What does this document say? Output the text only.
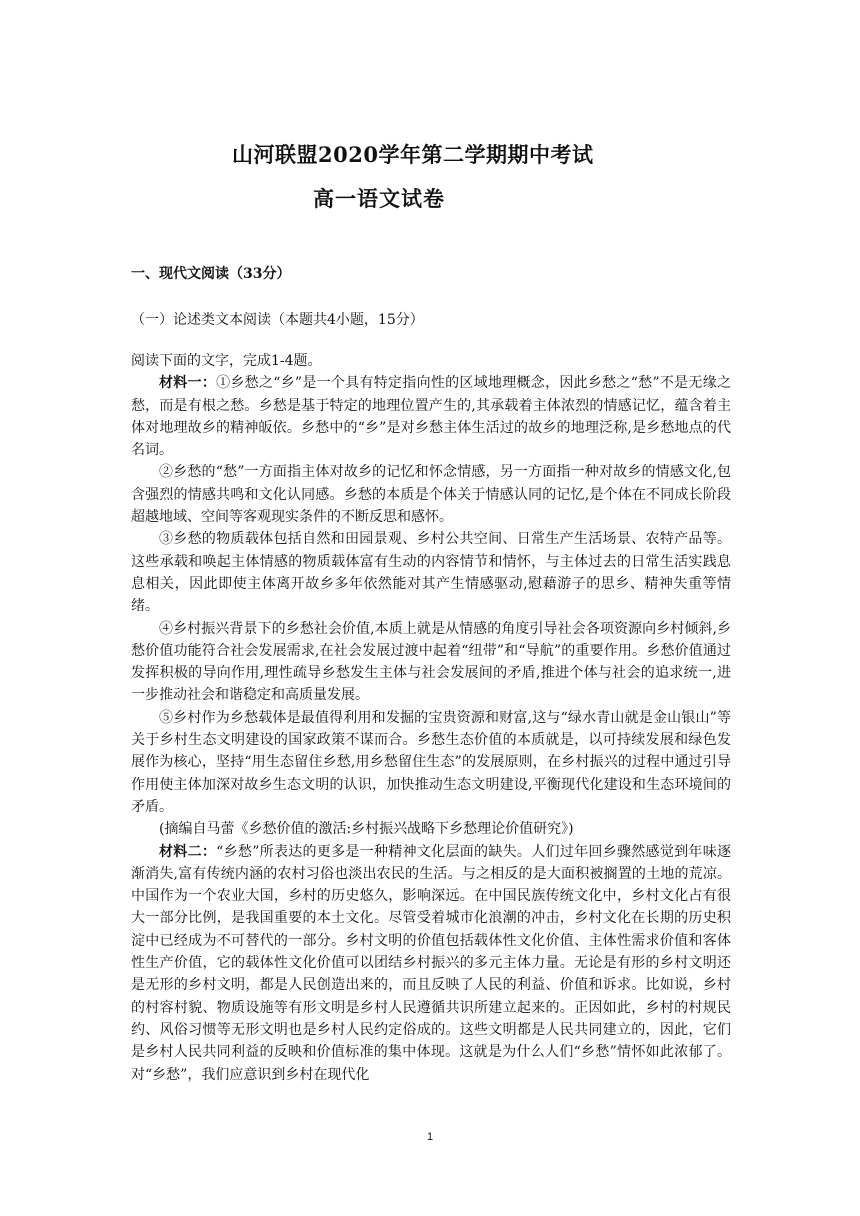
山河联盟2020学年第二学期期中考试
高一语文试卷
一、现代文阅读（33分）
（一）论述类文本阅读（本题共4小题，15分）

阅读下面的文字，完成1-4题。

材料一：①乡愁之“乡”是一个具有特定指向性的区域地理概念，因此乡愁之“愁”不是无缘之愁，而是有根之愁。乡愁是基于特定的地理位置产生的,其承载着主体浓烈的情感记忆，蕴含着主体对地理故乡的精神皈依。乡愁中的“乡”是对乡愁主体生活过的故乡的地理泛称,是乡愁地点的代名词。

②乡愁的“愁”一方面指主体对故乡的记忆和怀念情感，另一方面指一种对故乡的情感文化,包含强烈的情感共鸣和文化认同感。乡愁的本质是个体关于情感认同的记忆,是个体在不同成长阶段超越地域、空间等客观现实条件的不断反思和感怀。

③乡愁的物质载体包括自然和田园景观、乡村公共空间、日常生产生活场景、农特产品等。这些承载和唤起主体情感的物质载体富有生动的内容情节和情怀，与主体过去的日常生活实践息息相关，因此即使主体离开故乡多年依然能对其产生情感驱动,慰藉游子的思乡、精神失重等情绪。

④乡村振兴背景下的乡愁社会价值,本质上就是从情感的角度引导社会各项资源向乡村倾斜,乡愁价值功能符合社会发展需求,在社会发展过渡中起着“纽带”和“导航”的重要作用。乡愁价值通过发挥积极的导向作用,理性疏导乡愁发生主体与社会发展间的矛盾,推进个体与社会的追求统一,进一步推动社会和谐稳定和高质量发展。

⑤乡村作为乡愁载体是最值得利用和发掘的宝贵资源和财富,这与“绿水青山就是金山银山”等关于乡村生态文明建设的国家政策不谋而合。乡愁生态价值的本质就是，以可持续发展和绿色发展作为核心，坚持“用生态留住乡愁,用乡愁留住生态”的发展原则，在乡村振兴的过程中通过引导作用使主体加深对故乡生态文明的认识，加快推动生态文明建设,平衡现代化建设和生态环境间的矛盾。

(摘编自马蕾《乡愁价值的激活:乡村振兴战略下乡愁理论价值研究》)

材料二：“乡愁”所表达的更多是一种精神文化层面的缺失。人们过年回乡骤然感觉到年味逐渐消失,富有传统内涵的农村习俗也淡出农民的生活。与之相反的是大面积被搁置的土地的荒凉。中国作为一个农业大国，乡村的历史悠久，影响深远。在中国民族传统文化中，乡村文化占有很大一部分比例，是我国重要的本土文化。尽管受着城市化浪潮的冲击，乡村文化在长期的历史积淀中已经成为不可替代的一部分。乡村文明的价值包括载体性文化价值、主体性需求价值和客体性生产价值，它的载体性文化价值可以团结乡村振兴的多元主体力量。无论是有形的乡村文明还是无形的乡村文明，都是人民创造出来的，而且反映了人民的利益、价值和诉求。比如说，乡村的村容村貌、物质设施等有形文明是乡村人民遵循共识所建立起来的。正因如此，乡村的村规民约、风俗习惯等无形文明也是乡村人民约定俗成的。这些文明都是人民共同建立的，因此，它们是乡村人民共同利益的反映和价值标准的集中体现。这就是为什么人们“乡愁”情怀如此浓郁了。对“乡愁”，我们应意识到乡村在现代化

1
